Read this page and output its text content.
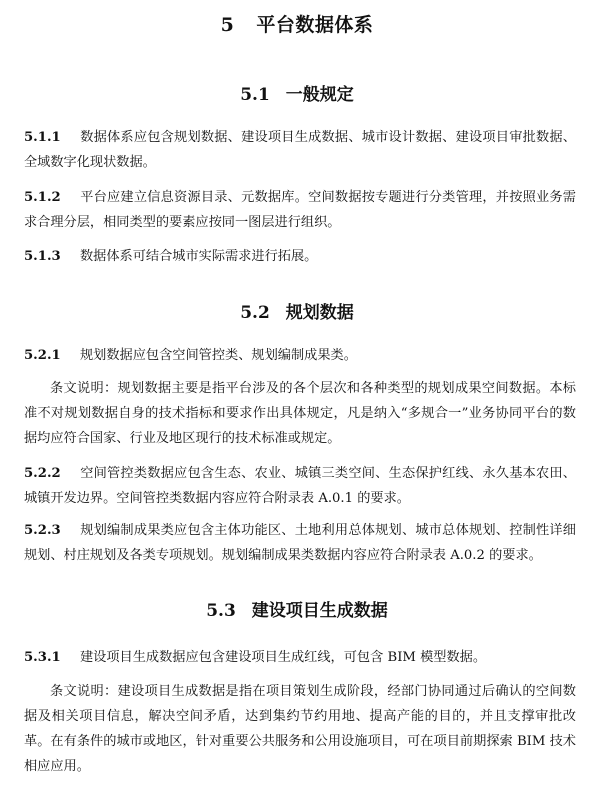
5 平台数据体系
5.1 一般规定
5.1.1 数据体系应包含规划数据、建设项目生成数据、城市设计数据、建设项目审批数据、全域数字化现状数据。
5.1.2 平台应建立信息资源目录、元数据库。空间数据按专题进行分类管理，并按照业务需求合理分层，相同类型的要素应按同一图层进行组织。
5.1.3 数据体系可结合城市实际需求进行拓展。
5.2 规划数据
5.2.1 规划数据应包含空间管控类、规划编制成果类。
条文说明：规划数据主要是指平台涉及的各个层次和各种类型的规划成果空间数据。本标准不对规划数据自身的技术指标和要求作出具体规定，凡是纳入“多规合一”业务协同平台的数据均应符合国家、行业及地区现行的技术标准或规定。
5.2.2 空间管控类数据应包含生态、农业、城镇三类空间、生态保护红线、永久基本农田、城镇开发边界。空间管控类数据内容应符合附录表 A.0.1 的要求。
5.2.3 规划编制成果类应包含主体功能区、土地利用总体规划、城市总体规划、控制性详细规划、村庄规划及各类专项规划。规划编制成果类数据内容应符合附录表 A.0.2 的要求。
5.3 建设项目生成数据
5.3.1 建设项目生成数据应包含建设项目生成红线，可包含 BIM 模型数据。
条文说明：建设项目生成数据是指在项目策划生成阶段，经部门协同通过后确认的空间数据及相关项目信息，解决空间矛盾，达到集约节约用地、提高产能的目的，并且支撑审批改革。在有条件的城市或地区，针对重要公共服务和公用设施项目，可在项目前期探索 BIM 技术相应应用。
